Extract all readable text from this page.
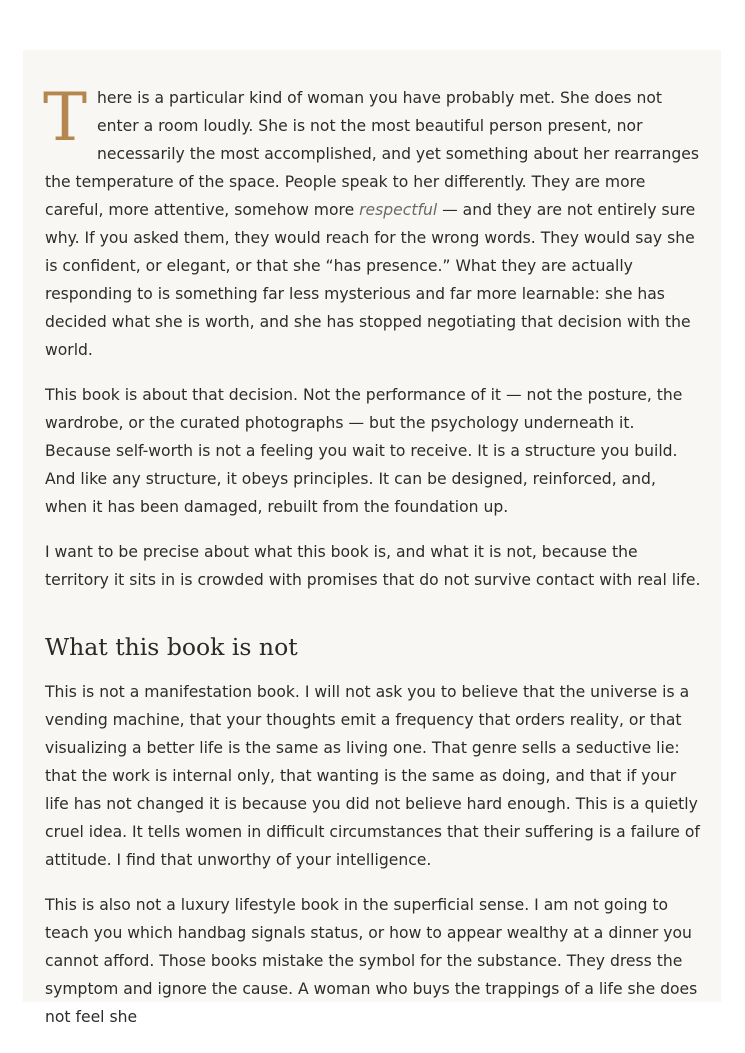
There is a particular kind of woman you have probably met. She does not enter a room loudly. She is not the most beautiful person present, nor necessarily the most accomplished, and yet something about her rearranges the temperature of the space. People speak to her differently. They are more careful, more attentive, somehow more respectful — and they are not entirely sure why. If you asked them, they would reach for the wrong words. They would say she is confident, or elegant, or that she “has presence.” What they are actually responding to is something far less mysterious and far more learnable: she has decided what she is worth, and she has stopped negotiating that decision with the world.

This book is about that decision. Not the performance of it — not the posture, the wardrobe, or the curated photographs — but the psychology underneath it. Because self-worth is not a feeling you wait to receive. It is a structure you build. And like any structure, it obeys principles. It can be designed, reinforced, and, when it has been damaged, rebuilt from the foundation up.

I want to be precise about what this book is, and what it is not, because the territory it sits in is crowded with promises that do not survive contact with real life.

What this book is not

This is not a manifestation book. I will not ask you to believe that the universe is a vending machine, that your thoughts emit a frequency that orders reality, or that visualizing a better life is the same as living one. That genre sells a seductive lie: that the work is internal only, that wanting is the same as doing, and that if your life has not changed it is because you did not believe hard enough. This is a quietly cruel idea. It tells women in difficult circumstances that their suffering is a failure of attitude. I find that unworthy of your intelligence.

This is also not a luxury lifestyle book in the superficial sense. I am not going to teach you which handbag signals status, or how to appear wealthy at a dinner you cannot afford. Those books mistake the symbol for the substance. They dress the symptom and ignore the cause. A woman who buys the trappings of a life she does not feel she
